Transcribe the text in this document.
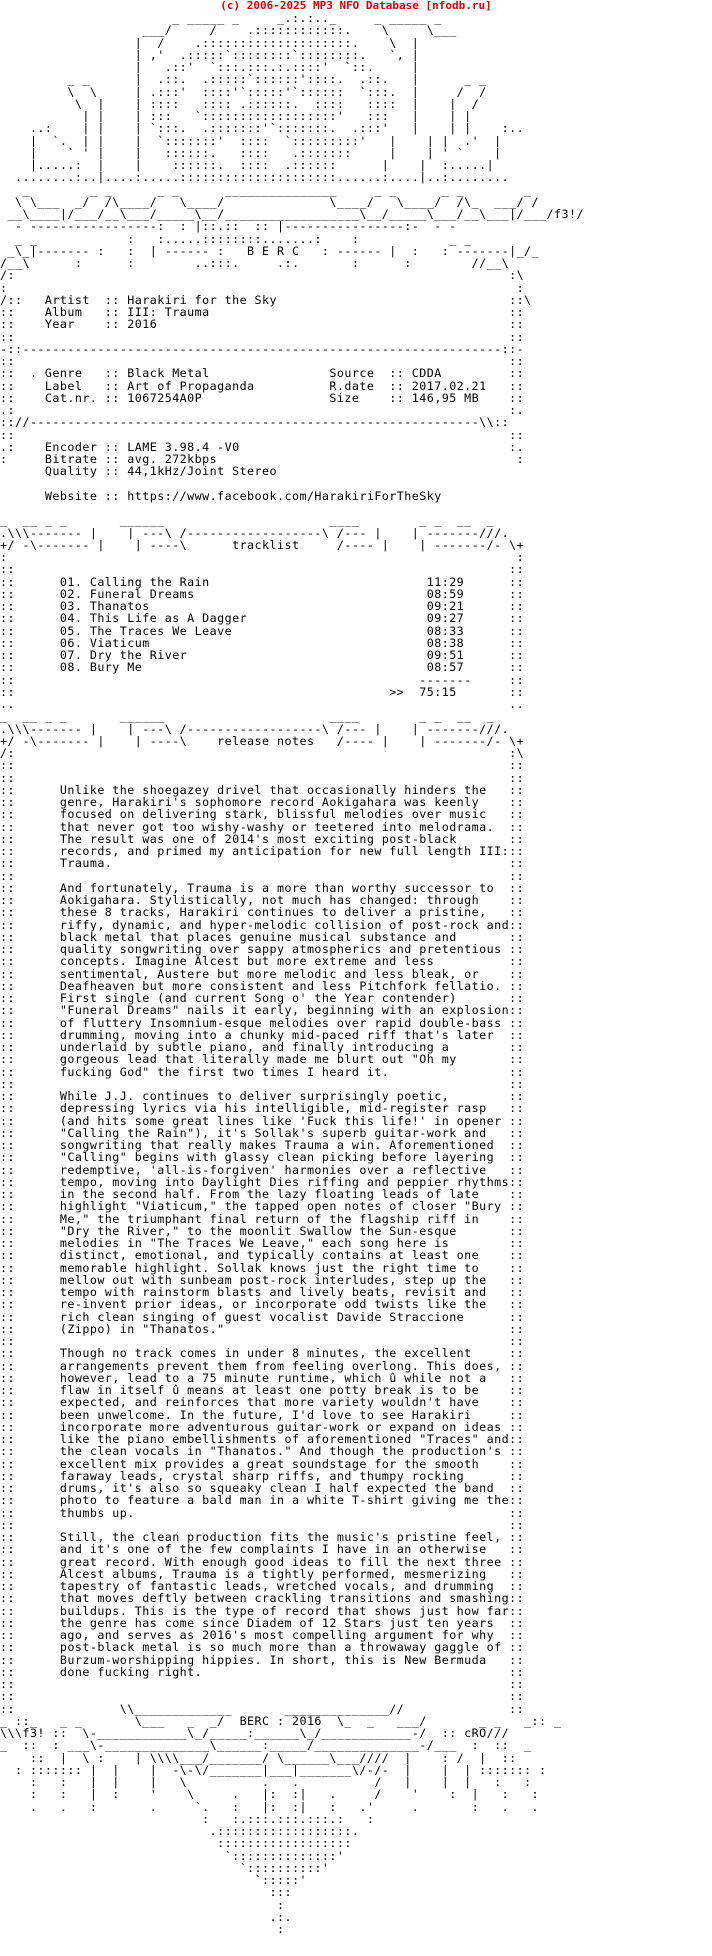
(c) 2006-2025 MP3 NFO Database [nfodb.ru]
_ _____ _     _.:.:.._     _ _____ _
___/     /    .::::::::::::.    \     \___
|  /    .::::::::::::::::::::.    \  |
| ,'  .:::::`::::::::`::::::::.   `, |
|   .::'  `:::.:::.:.::::'  `::.     |
_ _      |  .::.  .:::::`::::::'::::.  .::.   |      _ _
\  \     | .:::'  ::::'`:::::'`::::::  `:::.  |     /  /
\  |    | ::::   :::: .::::::.  ::::   ::::  |    |  /
| |    | :::   `::::::::::::::::::'   :::   |    | |
..:    | |    | `:::.  .:::::::'`:::::::.  .:::'   |    | |    :..
|  `.  | |    |  `:::::::'  ::::  `:::::::::'   |    | |  .'  |
|    ` ' |    |   ::::::.   ::::   .:::::::     |    | ' `    |
|.....:  |    |    ::::::.  ::::  .::::::      |    |  :.....|
........:..|....:.....:::::::::::::::::::::......:....|..:........
_        _ _      _ _      _______________     _ _      _ _        _
\ \___  _/  /\____/   \____/              \____/   \____/  /\_  ___/ /
__\____|/___/__\___/_____\__/__________________\__/_____\___/__\___|/___/f3!/
- -----------------:  : |::.::  :: |----------------:-  - -
_ _            :   :.....::::::::.......:    :            _ _
_\_|------- :   :  | ------ :   B E R C   : ------ |  :   : -------|_/_
/__\      :      :        ..:::.     .:.       :      :        //__\
/:                                                                  :\
:                                                                    :
/::   Artist  :: Harakiri for the Sky                               ::\
::    Album   :: III: Trauma                                        ::
::    Year    :: 2016                                               ::
::                                                                  ::
-::----------------------------------------------------------------::-
::                                                                  ::
::  . Genre   :: Black Metal                Source  :: CDDA         ::
::    Label   :: Art of Propaganda          R.date  :: 2017.02.21   ::
::    Cat.nr. :: 1067254A0P                 Size    :: 146,95 MB    ::
.:                                                                  :.
:://------------------------------------------------------------\\::
::                                                                  ::
.:    Encoder :: LAME 3.98.4 -V0                                    :.
:     Bitrate :: avg. 272kbps                                        :
Quality :: 44,1kHz/Joint Stereo

Website :: https://www.facebook.com/HarakiriForTheSky

_  __ _ _       ______                      ____        _ _  __  _
.\\\------- |    | ---\ /------------------\ /--- |    | -------///.
+/ -\------- |    | ----\      tracklist     /---- |    | -------/- \+
:                                                                    :
::                                                                  ::
::      01. Calling the Rain                             11:29      ::
::      02. Funeral Dreams                               08:59      ::
::      03. Thanatos                                     09:21      ::
::      04. This Life as A Dagger                        09:27      ::
::      05. The Traces We Leave                          08:33      ::
::      06. Viaticum                                     08:38      ::
::      07. Dry the River                                09:51      ::
::      08. Bury Me                                      08:57      ::
::                                                      -------     ::
::                                                  >>  75:15       ::
..                                                                  ..
_  __ _ _       ______                      ____        _ _  __  _
.\\\------- |    | ---\ /------------------\ /--- |    | -------///.
+/ -\------- |    | ----\    release notes   /---- |    | -------/- \+
/:                                                                  :\
::                                                                  ::
::                                                                  ::
::      Unlike the shoegazey drivel that occasionally hinders the   ::
::      genre, Harakiri's sophomore record Aokigahara was keenly    ::
::      focused on delivering stark, blissful melodies over music   ::
::      that never got too wishy-washy or teetered into melodrama.  ::
::      The result was one of 2014's most exciting post-black       ::
::      records, and primed my anticipation for new full length III:::
::      Trauma.                                                     ::
::                                                                  ::
::      And fortunately, Trauma is a more than worthy successor to  ::
::      Aokigahara. Stylistically, not much has changed: through    ::
::      these 8 tracks, Harakiri continues to deliver a pristine,   ::
::      riffy, dynamic, and hyper-melodic collision of post-rock and::
::      black metal that places genuine musical substance and       ::
::      quality songwriting over sappy atmospherics and pretentious ::
::      concepts. Imagine Alcest but more extreme and less          ::
::      sentimental, Austere but more melodic and less bleak, or    ::
::      Deafheaven but more consistent and less Pitchfork fellatio. ::
::      First single (and current Song o' the Year contender)       ::
::      "Funeral Dreams" nails it early, beginning with an explosion::
::      of fluttery Insomnium-esque melodies over rapid double-bass ::
::      drumming, moving into a chunky mid-paced riff that's later  ::
::      underlaid by subtle piano, and finally introducing a        ::
::      gorgeous lead that literally made me blurt out "Oh my       ::
::      fucking God" the first two times I heard it.                ::
::                                                                  ::
::      While J.J. continues to deliver surprisingly poetic,        ::
::      depressing lyrics via his intelligible, mid-register rasp   ::
::      (and hits some great lines like 'Fuck this life!' in opener ::
::      "Calling the Rain"), it's Sollak's superb guitar-work and   ::
::      songwriting that really makes Trauma a win. Aforementioned  ::
::      "Calling" begins with glassy clean picking before layering  ::
::      redemptive, 'all-is-forgiven' harmonies over a reflective   ::
::      tempo, moving into Daylight Dies riffing and peppier rhythms::
::      in the second half. From the lazy floating leads of late    ::
::      highlight "Viaticum," the tapped open notes of closer "Bury ::
::      Me," the triumphant final return of the flagship riff in    ::
::      "Dry the River," to the moonlit Swallow the Sun-esque       ::
::      melodies in "The Traces We Leave," each song here is        ::
::      distinct, emotional, and typically contains at least one    ::
::      memorable highlight. Sollak knows just the right time to    ::
::      mellow out with sunbeam post-rock interludes, step up the   ::
::      tempo with rainstorm blasts and lively beats, revisit and   ::
::      re-invent prior ideas, or incorporate odd twists like the   ::
::      rich clean singing of guest vocalist Davide Straccione      ::
::      (Zippo) in "Thanatos."                                      ::
::                                                                  ::
::      Though no track comes in under 8 minutes, the excellent     ::
::      arrangements prevent them from feeling overlong. This does, ::
::      however, lead to a 75 minute runtime, which û while not a   ::
::      flaw in itself û means at least one potty break is to be    ::
::      expected, and reinforces that more variety wouldn't have    ::
::      been unwelcome. In the future, I'd love to see Harakiri     ::
::      incorporate more adventurous guitar-work or expand on ideas ::
::      like the piano embellishments of aforementioned "Traces" and::
::      the clean vocals in "Thanatos." And though the production's ::
::      excellent mix provides a great soundstage for the smooth    ::
::      faraway leads, crystal sharp riffs, and thumpy rocking      ::
::      drums, it's also so squeaky clean I half expected the band  ::
::      photo to feature a bald man in a white T-shirt giving me the::
::      thumbs up.                                                  ::
::                                                                  ::
::      Still, the clean production fits the music's pristine feel, ::
::      and it's one of the few complaints I have in an otherwise   ::
::      great record. With enough good ideas to fill the next three ::
::      Alcest albums, Trauma is a tightly performed, mesmerizing   ::
::      tapestry of fantastic leads, wretched vocals, and drumming  ::
::      that moves deftly between crackling transitions and smashing::
::      buildups. This is the type of record that shows just how far::
::      the genre has come since Diadem of 12 Stars just ten years  ::
::      ago, and serves as 2016's most compelling argument for why  ::
::      post-black metal is so much more than a throwaway gaggle of ::
::      Burzum-worshipping hippies. In short, this is New Bermuda   ::
::      done fucking right.                                         ::
::                                                                  ::
::                                                                  ::
::              \\_____________       ______________//              ::
_ ::_   _ _       \___   _  _/  BERC : 2016  \_  _   ___/       _ _   _:: _
\\\f3! ::  \-____________\_/_____:______\_/____________-/  :: cRO///
_  ::  : ___\-______________\______:_____/______________-/___  :  ::  _
::  |  \ :    | \\\\___/_______/ \______\___////  |    : /  |  ::
: ::::::: |  |    |  -\-\/_______|___|_______\/-/-  |    |  | ::::::: :
:   :   |  |    |   \          .   .          /   |    |  |   :   :
:   :   |  :    '    \     .   |:  :|   .     /    '    :  |   :   :
.   .   :       .     `.   :   |:  :|   :   .'     .       :   .   .
:   :.:::.:::.:::.:   :
.::::::::::::::::::.
::::::::::::::::::
`::::::::::::::'
`::::::::::'
`:::::'
:::
:
.:.
:
